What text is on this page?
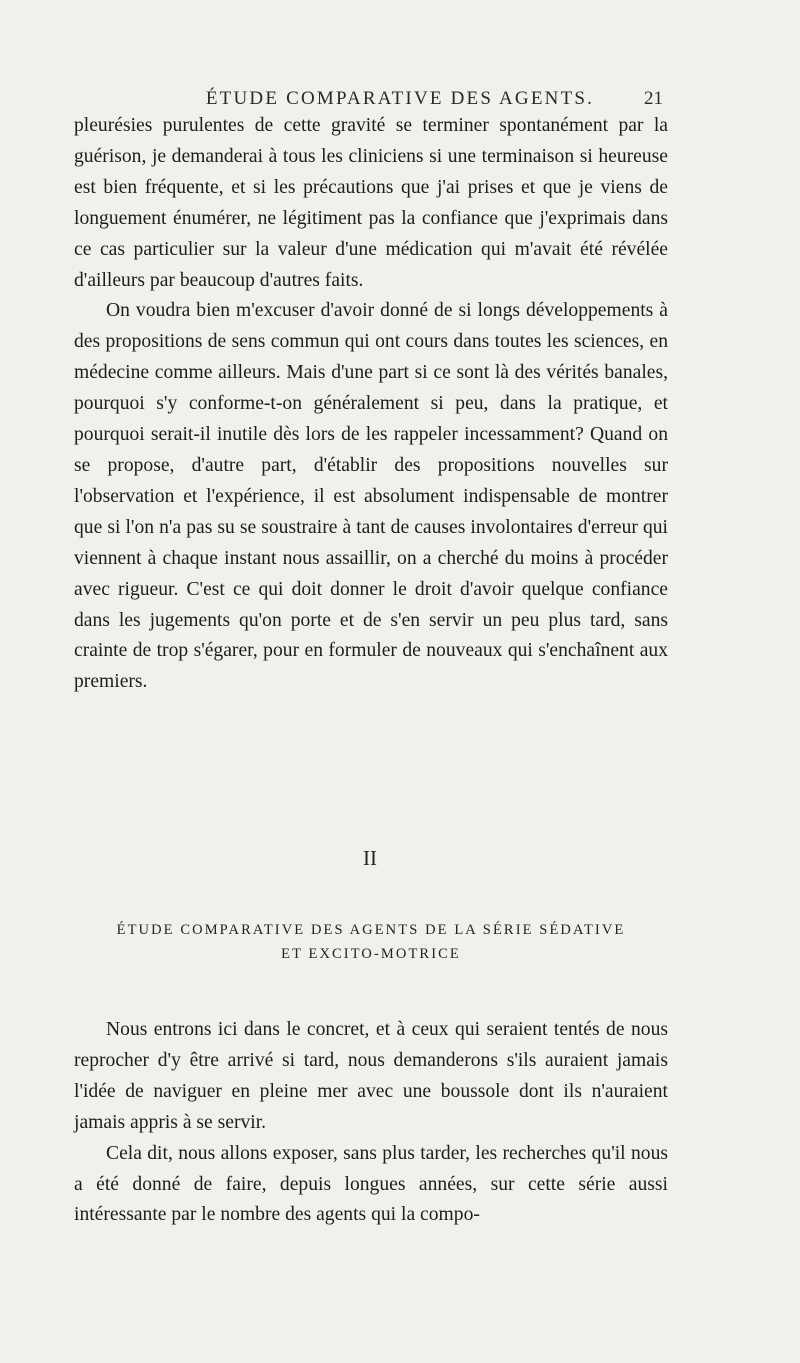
ÉTUDE COMPARATIVE DES AGENTS.	21

pleurésies purulentes de cette gravité se terminer spontanément par la guérison, je demanderai à tous les cliniciens si une terminaison si heureuse est bien fréquente, et si les précautions que j'ai prises et que je viens de longuement énumérer, ne légitiment pas la confiance que j'exprimais dans ce cas particulier sur la valeur d'une médication qui m'avait été révélée d'ailleurs par beaucoup d'autres faits.

On voudra bien m'excuser d'avoir donné de si longs développements à des propositions de sens commun qui ont cours dans toutes les sciences, en médecine comme ailleurs. Mais d'une part si ce sont là des vérités banales, pourquoi s'y conforme-t-on généralement si peu, dans la pratique, et pourquoi serait-il inutile dès lors de les rappeler incessamment? Quand on se propose, d'autre part, d'établir des propositions nouvelles sur l'observation et l'expérience, il est absolument indispensable de montrer que si l'on n'a pas su se soustraire à tant de causes involontaires d'erreur qui viennent à chaque instant nous assaillir, on a cherché du moins à procéder avec rigueur. C'est ce qui doit donner le droit d'avoir quelque confiance dans les jugements qu'on porte et de s'en servir un peu plus tard, sans crainte de trop s'égarer, pour en formuler de nouveaux qui s'enchaînent aux premiers.

II
ÉTUDE COMPARATIVE DES AGENTS DE LA SÉRIE SÉDATIVE
ET EXCITO-MOTRICE

Nous entrons ici dans le concret, et à ceux qui seraient tentés de nous reprocher d'y être arrivé si tard, nous demanderons s'ils auraient jamais l'idée de naviguer en pleine mer avec une boussole dont ils n'auraient jamais appris à se servir.

Cela dit, nous allons exposer, sans plus tarder, les recherches qu'il nous a été donné de faire, depuis longues années, sur cette série aussi intéressante par le nombre des agents qui la compo-
